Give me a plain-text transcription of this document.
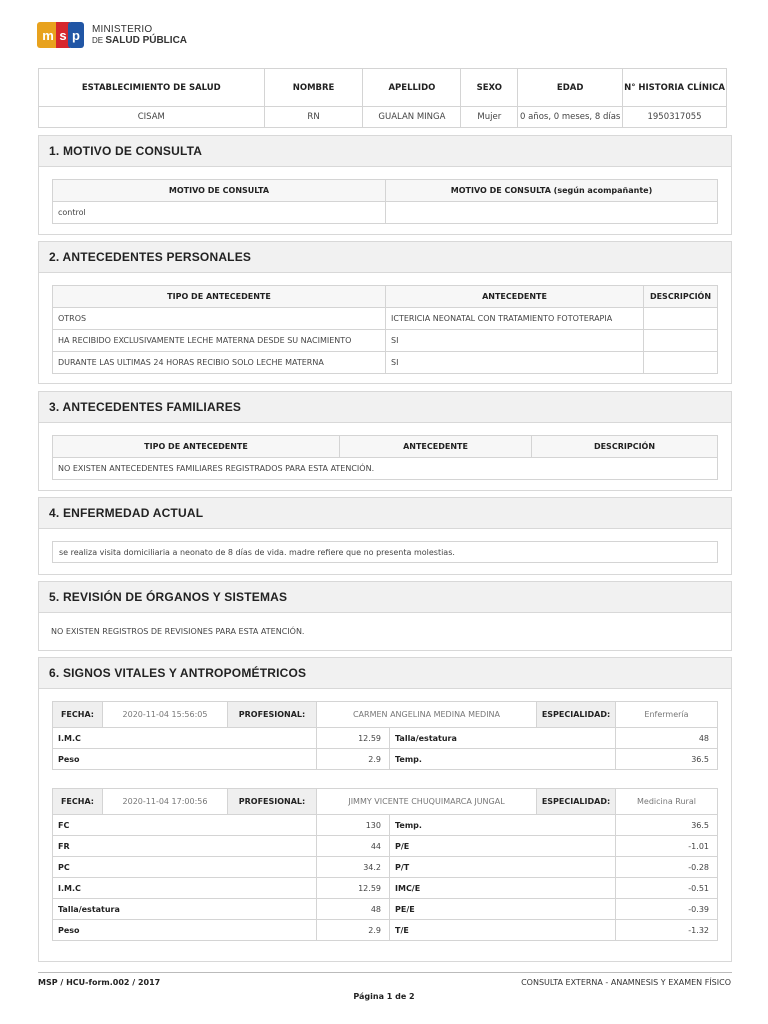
m s p	MINISTERIO
DE SALUD PÚBLICA
ESTABLECIMIENTO DE SALUD	NOMBRE	APELLIDO	SEXO	EDAD	N° HISTORIA CLÍNICA
CISAM	RN	GUALAN MINGA	Mujer	0 años, 0 meses, 8 días	1950317055
1. MOTIVO DE CONSULTA
MOTIVO DE CONSULTA	MOTIVO DE CONSULTA (según acompañante)
control	
2. ANTECEDENTES PERSONALES
TIPO DE ANTECEDENTE	ANTECEDENTE	DESCRIPCIÓN
OTROS	ICTERICIA NEONATAL CON TRATAMIENTO FOTOTERAPIA	
HA RECIBIDO EXCLUSIVAMENTE LECHE MATERNA DESDE SU NACIMIENTO	SI	
DURANTE LAS ULTIMAS 24 HORAS RECIBIO SOLO LECHE MATERNA	SI	
3. ANTECEDENTES FAMILIARES
TIPO DE ANTECEDENTE	ANTECEDENTE	DESCRIPCIÓN
NO EXISTEN ANTECEDENTES FAMILIARES REGISTRADOS PARA ESTA ATENCIÓN.
4. ENFERMEDAD ACTUAL
se realiza visita domiciliaria a neonato de 8 días de vida. madre refiere que no presenta molestias.
5. REVISIÓN DE ÓRGANOS Y SISTEMAS
NO EXISTEN REGISTROS DE REVISIONES PARA ESTA ATENCIÓN.
6. SIGNOS VITALES Y ANTROPOMÉTRICOS
FECHA:	2020-11-04 15:56:05	PROFESIONAL:	CARMEN ANGELINA MEDINA MEDINA		ESPECIALIDAD:	Enfermería
I.M.C			12.59	Talla/estatura		48
Peso			2.9	Temp.		36.5
FECHA:	2020-11-04 17:00:56	PROFESIONAL:	JIMMY VICENTE CHUQUIMARCA JUNGAL		ESPECIALIDAD:	Medicina Rural
FC			130	Temp.		36.5
FR			44	P/E		-1.01
PC			34.2	P/T		-0.28
I.M.C			12.59	IMC/E		-0.51
Talla/estatura			48	PE/E		-0.39
Peso			2.9	T/E		-1.32
MSP / HCU-form.002 / 2017	CONSULTA EXTERNA - ANAMNESIS Y EXAMEN FÍSICO
Página 1 de 2
